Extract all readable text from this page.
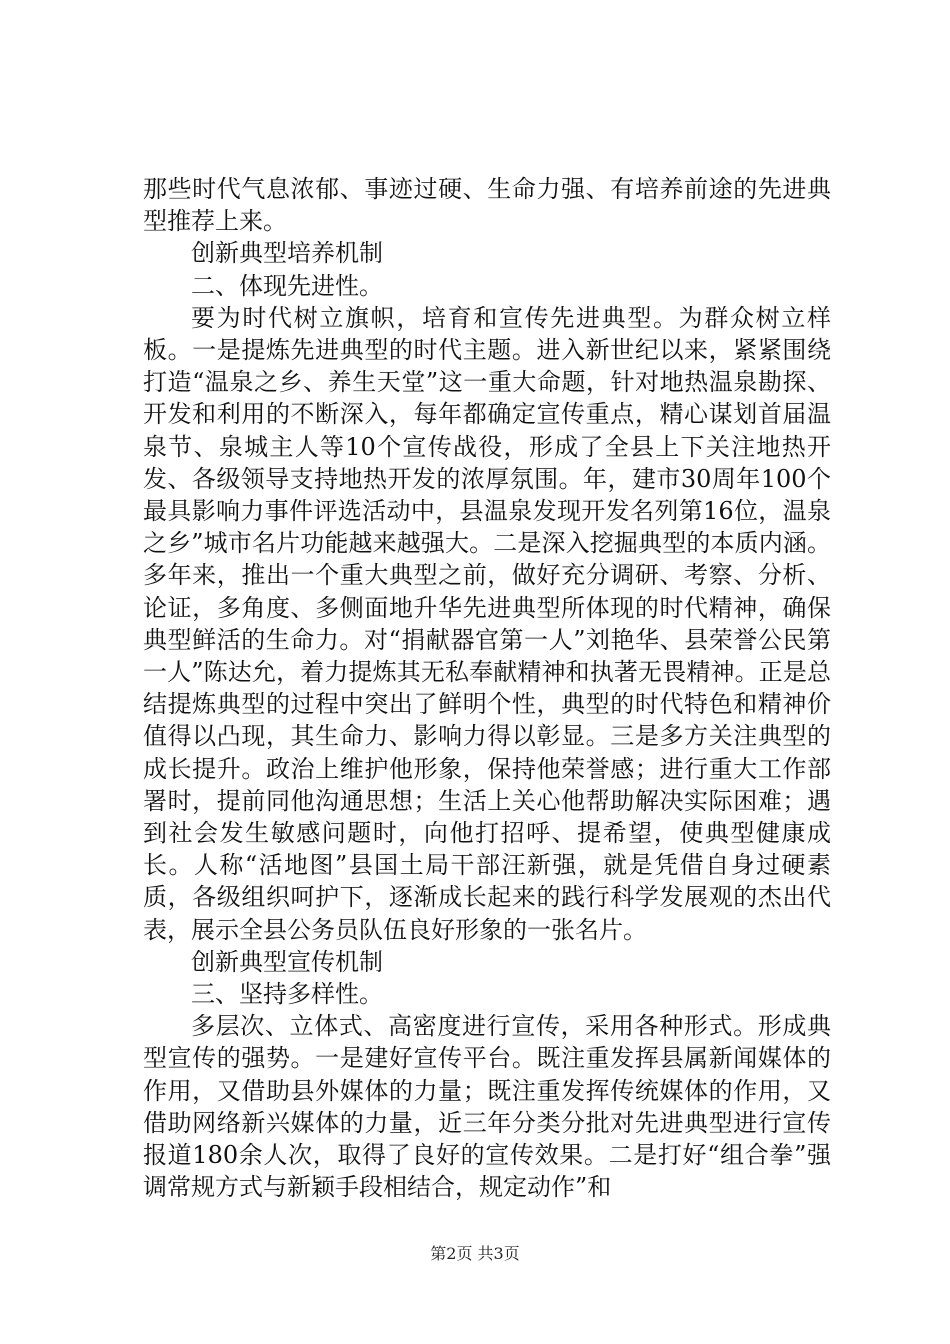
那些时代气息浓郁、事迹过硬、生命力强、有培养前途的先进典型推荐上来。

创新典型培养机制

二、体现先进性。

要为时代树立旗帜，培育和宣传先进典型。为群众树立样板。一是提炼先进典型的时代主题。进入新世纪以来，紧紧围绕打造“温泉之乡、养生天堂”这一重大命题，针对地热温泉勘探、开发和利用的不断深入，每年都确定宣传重点，精心谋划首届温泉节、泉城主人等10个宣传战役，形成了全县上下关注地热开发、各级领导支持地热开发的浓厚氛围。年，建市30周年100个最具影响力事件评选活动中，县温泉发现开发名列第16位，温泉之乡”城市名片功能越来越强大。二是深入挖掘典型的本质内涵。多年来，推出一个重大典型之前，做好充分调研、考察、分析、论证，多角度、多侧面地升华先进典型所体现的时代精神，确保典型鲜活的生命力。对“捐献器官第一人”刘艳华、县荣誉公民第一人”陈达允，着力提炼其无私奉献精神和执著无畏精神。正是总结提炼典型的过程中突出了鲜明个性，典型的时代特色和精神价值得以凸现，其生命力、影响力得以彰显。三是多方关注典型的成长提升。政治上维护他形象，保持他荣誉感；进行重大工作部署时，提前同他沟通思想；生活上关心他帮助解决实际困难；遇到社会发生敏感问题时，向他打招呼、提希望，使典型健康成长。人称“活地图”县国土局干部汪新强，就是凭借自身过硬素质，各级组织呵护下，逐渐成长起来的践行科学发展观的杰出代表，展示全县公务员队伍良好形象的一张名片。

创新典型宣传机制

三、坚持多样性。

多层次、立体式、高密度进行宣传，采用各种形式。形成典型宣传的强势。一是建好宣传平台。既注重发挥县属新闻媒体的作用，又借助县外媒体的力量；既注重发挥传统媒体的作用，又借助网络新兴媒体的力量，近三年分类分批对先进典型进行宣传报道180余人次，取得了良好的宣传效果。二是打好“组合拳”强调常规方式与新颖手段相结合，规定动作”和

第2页 共3页
